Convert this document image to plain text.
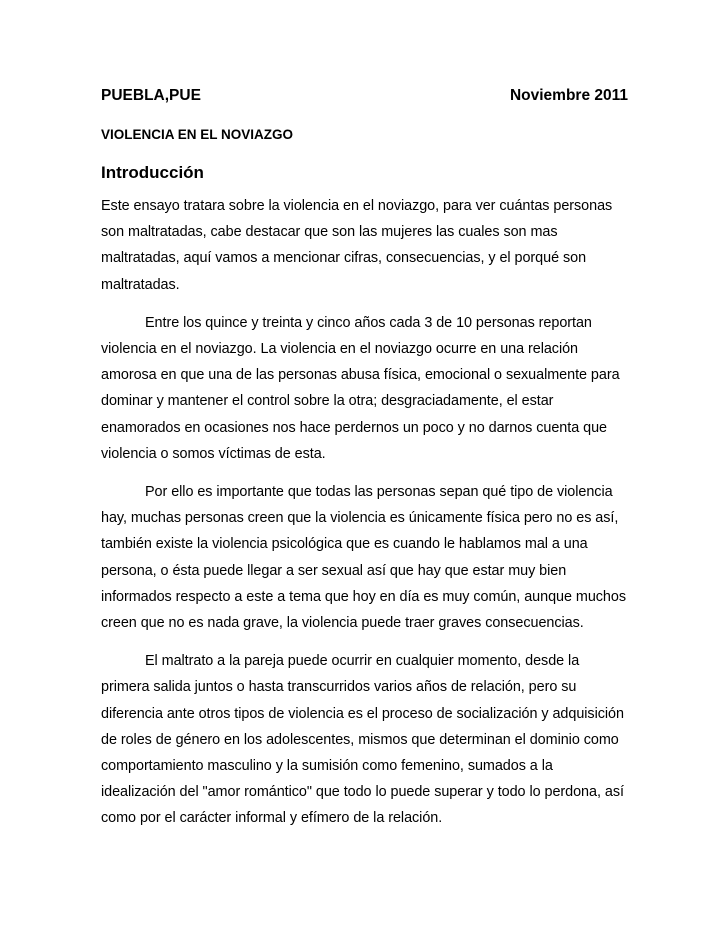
PUEBLA,PUE	Noviembre 2011
VIOLENCIA EN EL NOVIAZGO
Introducción

Este ensayo tratara sobre la violencia en el noviazgo, para ver cuántas personas
son maltratadas, cabe destacar que son las mujeres las cuales son mas
maltratadas, aquí vamos a mencionar cifras, consecuencias, y el porqué son
maltratadas.

Entre los quince y treinta y cinco años cada 3 de 10 personas reportan
violencia en el noviazgo. La violencia en el noviazgo ocurre en una relación
amorosa en que una de las personas abusa física, emocional o sexualmente para
dominar y mantener el control sobre la otra; desgraciadamente, el estar
enamorados en ocasiones nos hace perdernos un poco y no darnos cuenta que
violencia o somos víctimas de esta.

Por ello es importante que todas las personas sepan qué tipo de violencia
hay, muchas personas creen que la violencia es únicamente física pero no es así,
también existe la violencia psicológica que es cuando le hablamos mal a una
persona, o ésta puede llegar a ser sexual así que hay que estar muy bien
informados respecto a este a tema que hoy en día es muy común, aunque muchos
creen que no es nada grave, la violencia puede traer graves consecuencias.

El maltrato a la pareja puede ocurrir en cualquier momento, desde la
primera salida juntos o hasta transcurridos varios años de relación, pero su
diferencia ante otros tipos de violencia es el proceso de socialización y adquisición
de roles de género en los adolescentes, mismos que determinan el dominio como
comportamiento masculino y la sumisión como femenino, sumados a la
idealización del "amor romántico" que todo lo puede superar y todo lo perdona, así
como por el carácter informal y efímero de la relación.
